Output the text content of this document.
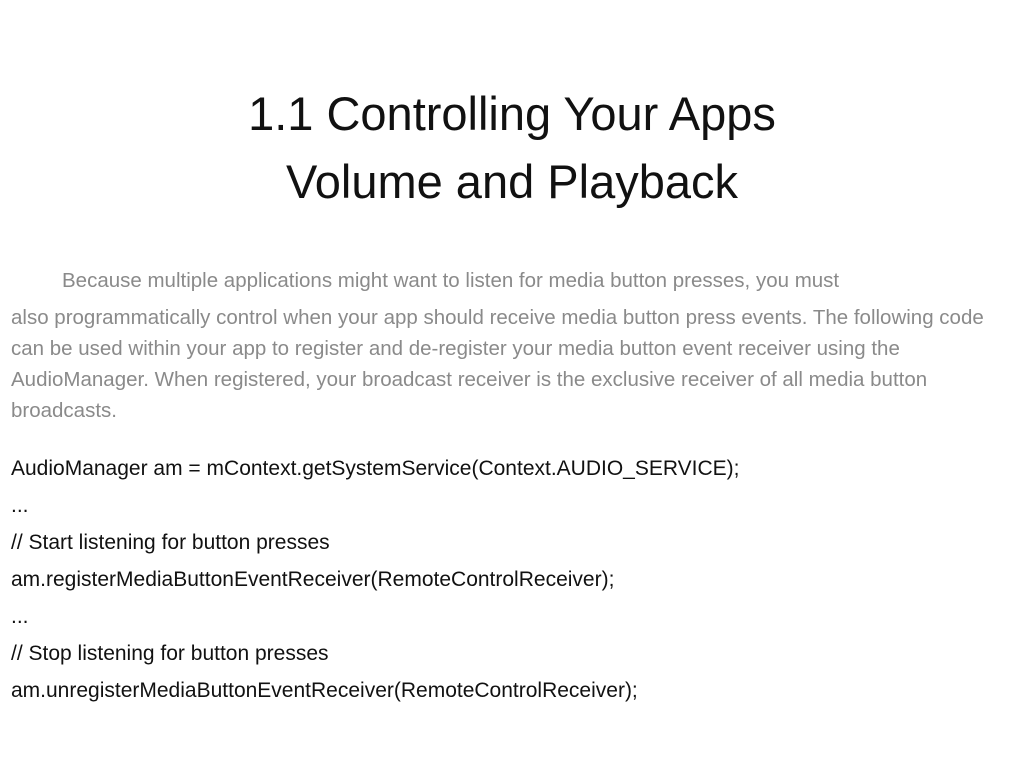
1.1 Controlling Your Apps
Volume and Playback
Because multiple applications might want to listen for media button presses, you must
also programmatically control when your app should receive media button press events. The following code can be used within your app to register and de-register your media button event receiver using the AudioManager. When registered, your broadcast receiver is the exclusive receiver of all media button broadcasts.
AudioManager am = mContext.getSystemService(Context.AUDIO_SERVICE);
...
// Start listening for button presses
am.registerMediaButtonEventReceiver(RemoteControlReceiver);
...
// Stop listening for button presses
am.unregisterMediaButtonEventReceiver(RemoteControlReceiver);
